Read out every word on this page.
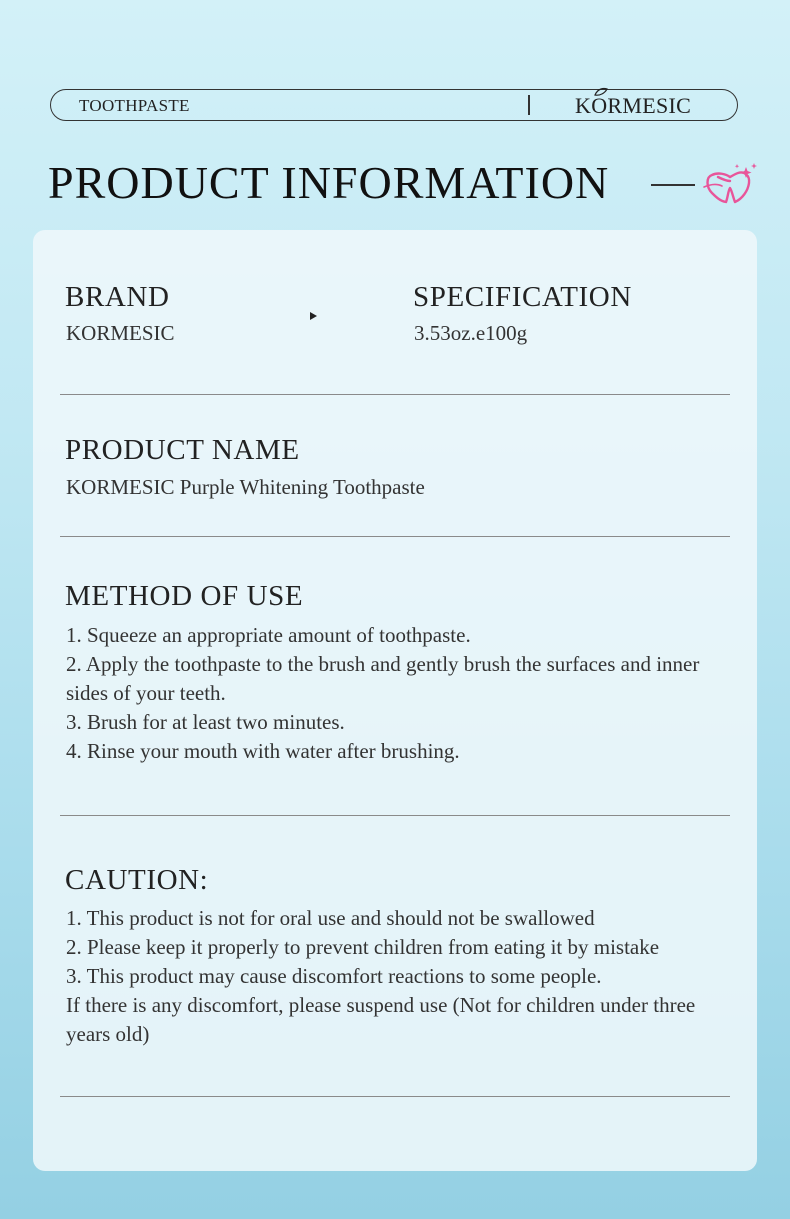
TOOTHPASTE	KORMESIC
PRODUCT INFORMATION
BRAND

KORMESIC

SPECIFICATION

3.53oz.e100g

PRODUCT NAME

KORMESIC Purple Whitening Toothpaste

METHOD OF USE

1. Squeeze an appropriate amount of toothpaste.

2. Apply the toothpaste to the brush and gently brush the surfaces and inner sides of your teeth.

3. Brush for at least two minutes.

4. Rinse your mouth with water after brushing.

CAUTION:

1. This product is not for oral use and should not be swallowed

2. Please keep it properly to prevent children from eating it by mistake

3. This product may cause discomfort reactions to some people.

If there is any discomfort, please suspend use (Not for children under three years old)
